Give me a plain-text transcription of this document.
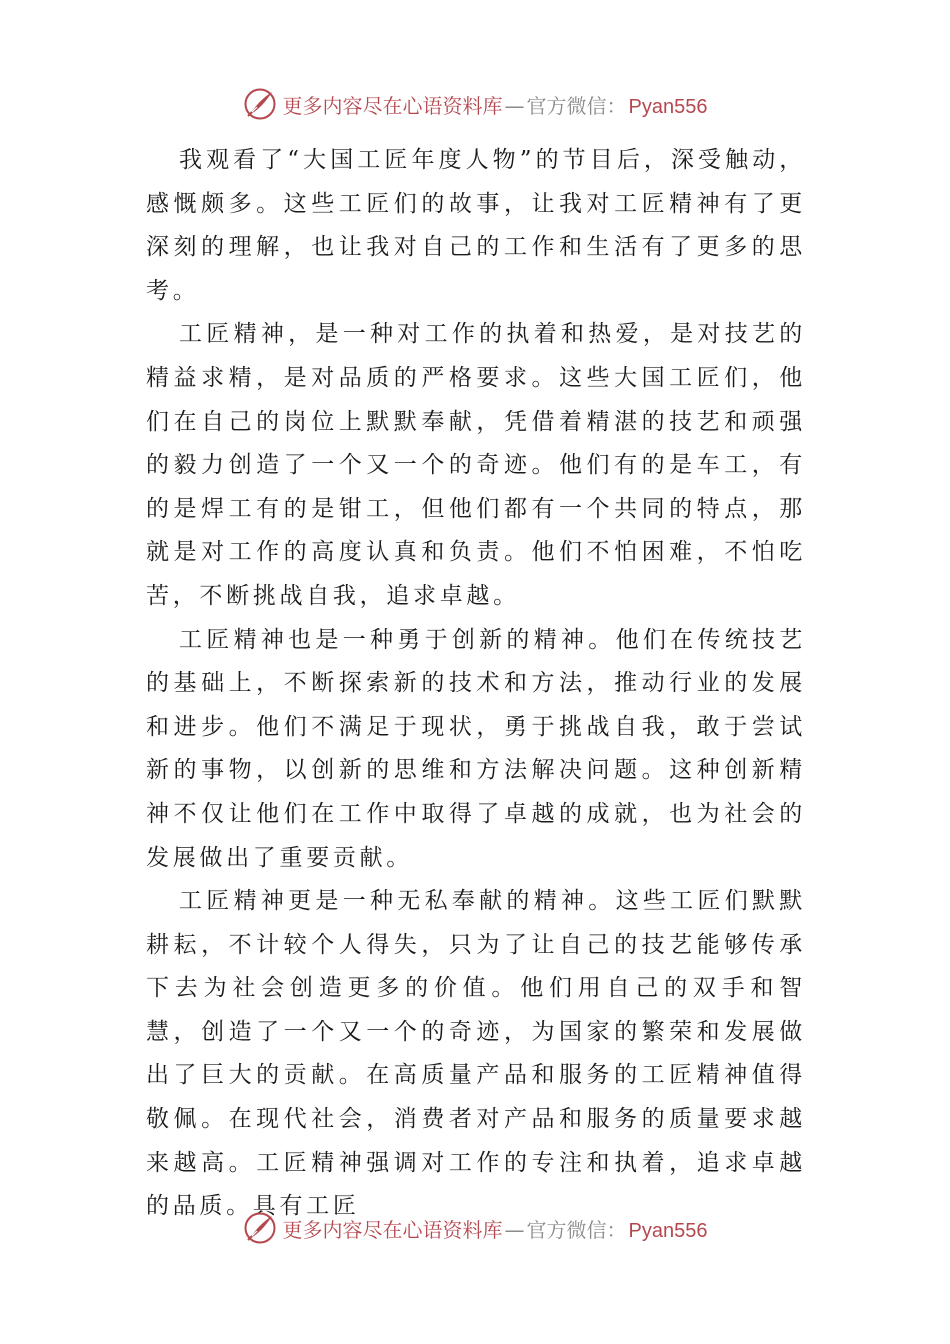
更多内容尽在心语资料库 — 官方微信： Pyan556

我观看了“大国工匠年度人物”的节目后，深受触动，感慨颇多。这些工匠们的故事，让我对工匠精神有了更深刻的理解，也让我对自己的工作和生活有了更多的思考。

工匠精神，是一种对工作的执着和热爱，是对技艺的精益求精，是对品质的严格要求。这些大国工匠们，他们在自己的岗位上默默奉献，凭借着精湛的技艺和顽强的毅力创造了一个又一个的奇迹。他们有的是车工，有的是焊工有的是钳工，但他们都有一个共同的特点，那就是对工作的高度认真和负责。他们不怕困难，不怕吃苦，不断挑战自我，追求卓越。

工匠精神也是一种勇于创新的精神。他们在传统技艺的基础上，不断探索新的技术和方法，推动行业的发展和进步。他们不满足于现状，勇于挑战自我，敢于尝试新的事物，以创新的思维和方法解决问题。这种创新精神不仅让他们在工作中取得了卓越的成就，也为社会的发展做出了重要贡献。

工匠精神更是一种无私奉献的精神。这些工匠们默默耕耘，不计较个人得失，只为了让自己的技艺能够传承下去为社会创造更多的价值。他们用自己的双手和智慧，创造了一个又一个的奇迹，为国家的繁荣和发展做出了巨大的贡献。在高质量产品和服务的工匠精神值得敬佩。在现代社会，消费者对产品和服务的质量要求越来越高。工匠精神强调对工作的专注和执着，追求卓越的品质。具有工匠

更多内容尽在心语资料库 — 官方微信： Pyan556
